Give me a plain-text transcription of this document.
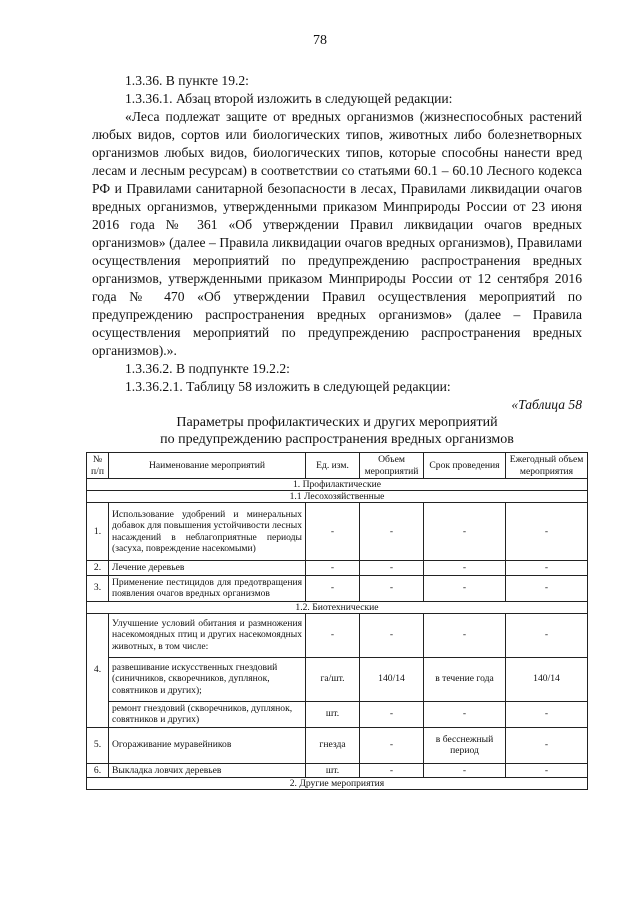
78

1.3.36. В пункте 19.2:

1.3.36.1. Абзац второй изложить в следующей редакции:

«Леса подлежат защите от вредных организмов (жизнеспособных растений любых видов, сортов или биологических типов, животных либо болезнетворных организмов любых видов, биологических типов, которые способны нанести вред лесам и лесным ресурсам) в соответствии со статьями 60.1 – 60.10 Лесного кодекса РФ и Правилами санитарной безопасности в лесах, Правилами ликвидации очагов вредных организмов, утвержденными приказом Минприроды России от 23 июня 2016 года № 361 «Об утверждении Правил ликвидации очагов вредных организмов» (далее – Правила ликвидации очагов вредных организмов), Правилами осуществления мероприятий по предупреждению распространения вредных организмов, утвержденными приказом Минприроды России от 12 сентября 2016 года № 470 «Об утверждении Правил осуществления мероприятий по предупреждению распространения вредных организмов» (далее – Правила осуществления мероприятий по предупреждению распространения вредных организмов).».

1.3.36.2. В подпункте 19.2.2:

1.3.36.2.1. Таблицу 58 изложить в следующей редакции:

«Таблица 58

Параметры профилактических и других мероприятий

по предупреждению распространения вредных организмов

№ п/п	Наименование мероприятий	Ед. изм.	Объем мероприятий	Срок проведения	Ежегодный объем мероприятия
1. Профилактические					
1.1 Лесохозяйственные					
1.	Использование удобрений и минеральных добавок для повышения устойчивости лесных насаждений в неблагоприятные периоды (засуха, повреждение насекомыми)	-	-	-	-
2.	Лечение деревьев	-	-	-	-
3.	Применение пестицидов для предотвращения появления очагов вредных организмов	-	-	-	-
1.2. Биотехнические					
4.	Улучшение условий обитания и размножения насекомоядных птиц и других насекомоядных животных, в том числе:	-	-	-	-
	развешивание искусственных гнездовий (синичников, скворечников, дуплянок, совятников и других);	га/шт.	140/14	в течение года	140/14
	ремонт гнездовий (скворечников, дуплянок, совятников и других)	шт.	-	-	-
5.	Огораживание муравейников	гнезда	-	в бесснежный период	-
6.	Выкладка ловчих деревьев	шт.	-	-	-
2. Другие мероприятия					
